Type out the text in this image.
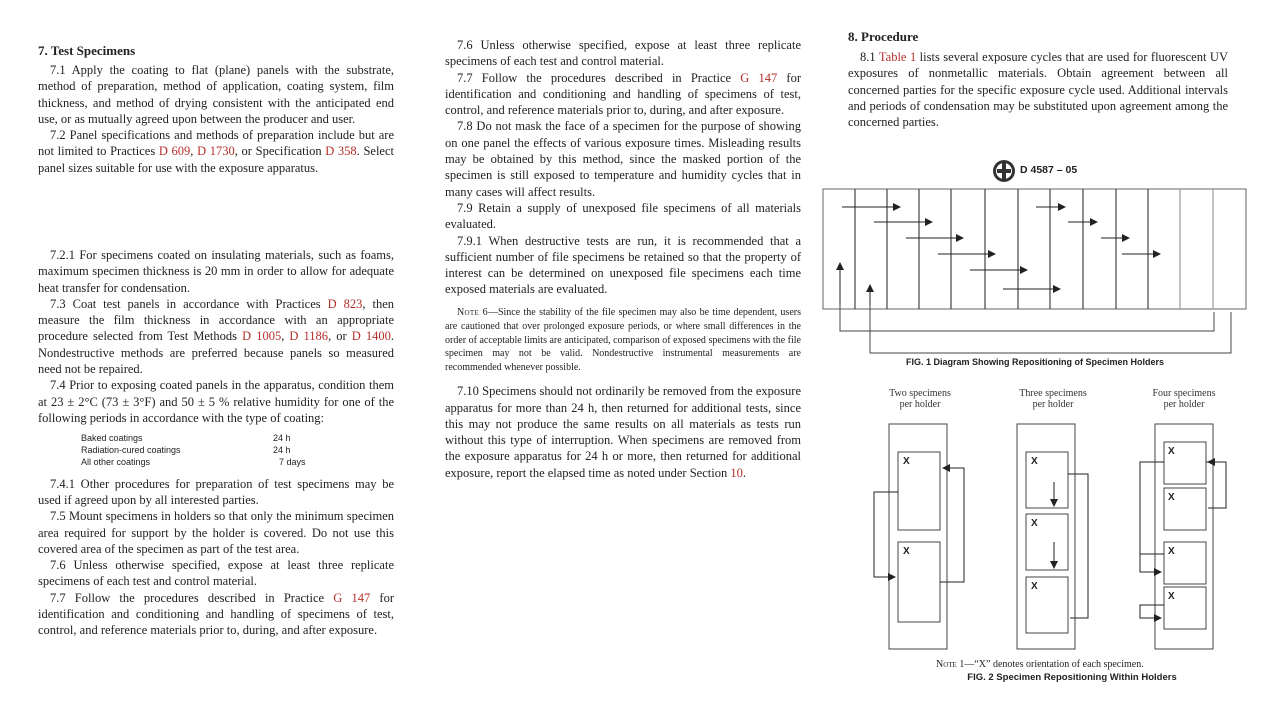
7. Test Specimens

7.1 Apply the coating to flat (plane) panels with the substrate, method of preparation, method of application, coating system, film thickness, and method of drying consistent with the anticipated end use, or as mutually agreed upon between the producer and user.

7.2 Panel specifications and methods of preparation include but are not limited to Practices D 609, D 1730, or Specification D 358. Select panel sizes suitable for use with the exposure apparatus.

7.2.1 For specimens coated on insulating materials, such as foams, maximum specimen thickness is 20 mm in order to allow for adequate heat transfer for condensation.

7.3 Coat test panels in accordance with Practices D 823, then measure the film thickness in accordance with an appropriate procedure selected from Test Methods D 1005, D 1186, or D 1400. Nondestructive methods are preferred because panels so measured need not be repaired.

7.4 Prior to exposing coated panels in the apparatus, condition them at 23 ± 2°C (73 ± 3°F) and 50 ± 5 % relative humidity for one of the following periods in accordance with the type of coating:

Baked coatings	24 h
Radiation-cured coatings	24 h
All other coatings	7 days

7.4.1 Other procedures for preparation of test specimens may be used if agreed upon by all interested parties.

7.5 Mount specimens in holders so that only the minimum specimen area required for support by the holder is covered. Do not use this covered area of the specimen as part of the test area.

7.6 Unless otherwise specified, expose at least three replicate specimens of each test and control material.

7.7 Follow the procedures described in Practice G 147 for identification and conditioning and handling of specimens of test, control, and reference materials prior to, during, and after exposure.

7.6 Unless otherwise specified, expose at least three replicate specimens of each test and control material.

7.7 Follow the procedures described in Practice G 147 for identification and conditioning and handling of specimens of test, control, and reference materials prior to, during, and after exposure.

7.8 Do not mask the face of a specimen for the purpose of showing on one panel the effects of various exposure times. Misleading results may be obtained by this method, since the masked portion of the specimen is still exposed to temperature and humidity cycles that in many cases will affect results.

7.9 Retain a supply of unexposed file specimens of all materials evaluated.

7.9.1 When destructive tests are run, it is recommended that a sufficient number of file specimens be retained so that the property of interest can be determined on unexposed file specimens each time exposed materials are evaluated.

Note 6—Since the stability of the file specimen may also be time dependent, users are cautioned that over prolonged exposure periods, or where small differences in the order of acceptable limits are anticipated, comparison of exposed specimens with the file specimen may not be valid. Nondestructive instrumental measurements are recommended whenever possible.

7.10 Specimens should not ordinarily be removed from the exposure apparatus for more than 24 h, then returned for additional tests, since this may not produce the same results on all materials as tests run without this type of interruption. When specimens are removed from the exposure apparatus for 24 h or more, then returned for additional exposure, report the elapsed time as noted under Section 10.

8. Procedure

8.1 Table 1 lists several exposure cycles that are used for fluorescent UV exposures of nonmetallic materials. Obtain agreement between all concerned parties for the specific exposure cycle used. Additional intervals and periods of condensation may be substituted upon agreement among the concerned parties.

D 4587 – 05
FIG. 1 Diagram Showing Repositioning of Specimen Holders
Two specimens
per holder
Three specimens
per holder
Four specimens
per holder
X
X
X
X
X
X
X
X
X
Note 1—“X” denotes orientation of each specimen.
FIG. 2 Specimen Repositioning Within Holders
